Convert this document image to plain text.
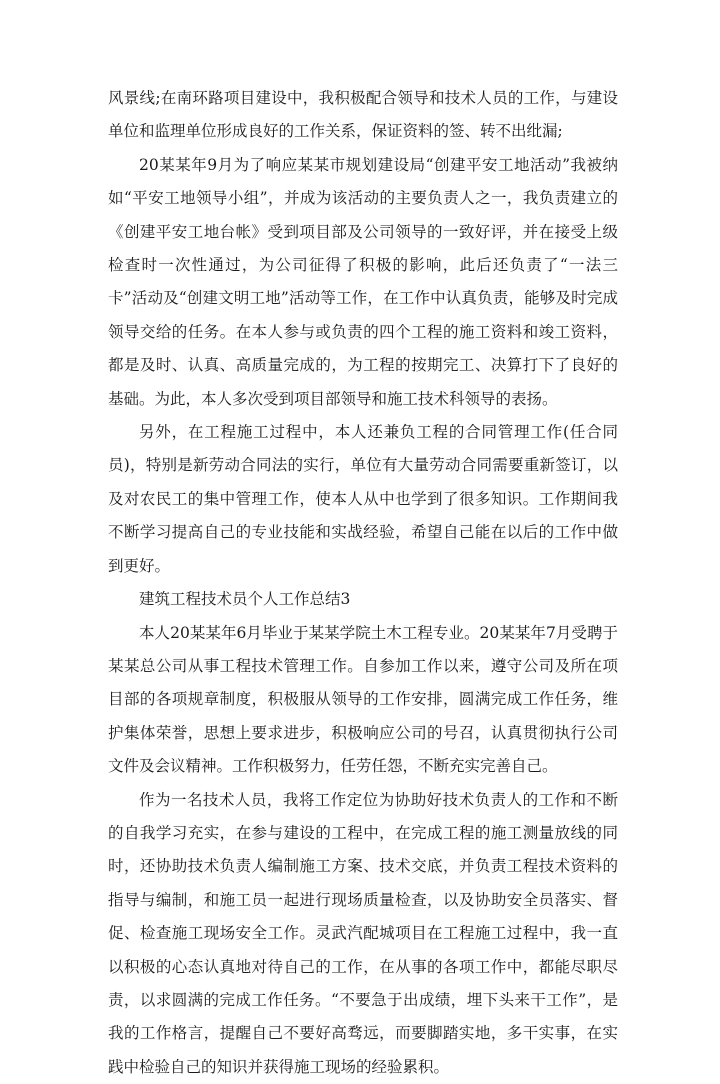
风景线;在南环路项目建设中，我积极配合领导和技术人员的工作，与建设单位和监理单位形成良好的工作关系，保证资料的签、转不出纰漏;

20某某年9月为了响应某某市规划建设局“创建平安工地活动”我被纳如“平安工地领导小组”，并成为该活动的主要负责人之一，我负责建立的《创建平安工地台帐》受到项目部及公司领导的一致好评，并在接受上级检查时一次性通过，为公司征得了积极的影响，此后还负责了“一法三卡”活动及“创建文明工地”活动等工作，在工作中认真负责，能够及时完成领导交给的任务。在本人参与或负责的四个工程的施工资料和竣工资料，都是及时、认真、高质量完成的，为工程的按期完工、决算打下了良好的基础。为此，本人多次受到项目部领导和施工技术科领导的表扬。

另外，在工程施工过程中，本人还兼负工程的合同管理工作(任合同员)，特别是新劳动合同法的实行，单位有大量劳动合同需要重新签订，以及对农民工的集中管理工作，使本人从中也学到了很多知识。工作期间我不断学习提高自己的专业技能和实战经验，希望自己能在以后的工作中做到更好。

建筑工程技术员个人工作总结3

本人20某某年6月毕业于某某学院土木工程专业。20某某年7月受聘于某某总公司从事工程技术管理工作。自参加工作以来，遵守公司及所在项目部的各项规章制度，积极服从领导的工作安排，圆满完成工作任务，维护集体荣誉，思想上要求进步，积极响应公司的号召，认真贯彻执行公司文件及会议精神。工作积极努力，任劳任怨，不断充实完善自己。

作为一名技术人员，我将工作定位为协助好技术负责人的工作和不断的自我学习充实，在参与建设的工程中，在完成工程的施工测量放线的同时，还协助技术负责人编制施工方案、技术交底，并负责工程技术资料的指导与编制，和施工员一起进行现场质量检查，以及协助安全员落实、督促、检查施工现场安全工作。灵武汽配城项目在工程施工过程中，我一直以积极的心态认真地对待自己的工作，在从事的各项工作中，都能尽职尽责，以求圆满的完成工作任务。“不要急于出成绩，埋下头来干工作”，是我的工作格言，提醒自己不要好高骛远，而要脚踏实地，多干实事，在实践中检验自己的知识并获得施工现场的经验累积。
